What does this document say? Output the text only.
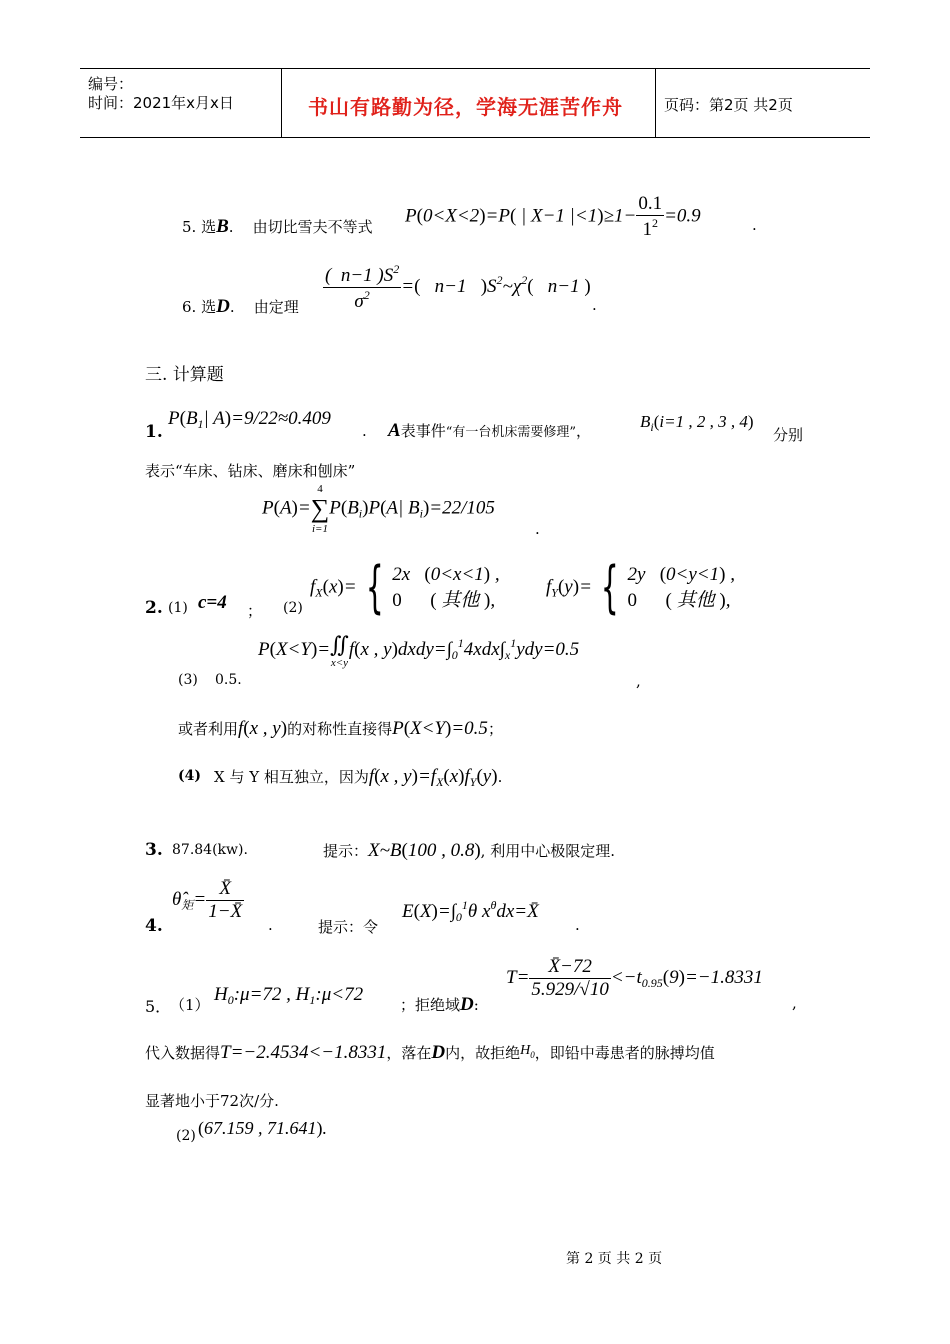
编号：
时间：2021年x月x日	书山有路勤为径，学海无涯苦作舟	页码：第2页 共2页
P(0<X<2)=P( | X−1 $|<1)\ge 1- \frac{0.1}{1^2} =0.9$
5. 选B. 由切比雪夫不等式	.
$\frac{( n-1 )S^2}{\sigma^2}$ =(   n−1   )$S^2\sim\chi^2$(   n−1 )
6. 选D. 由定理	.
三. 计算题
1.
$P(B_1|$ A)=9/22≈0.409
. A表事件“有一台机床需要修理”，	$B_i(i=1$ , 2 , 3 , 4)
分别
表示“车床、钻床、磨床和刨床”
P(A)=
4
∑
i=1
$P(B_i)P(A|$ $B_i)=22/105$
.
2. (1) c=4 ； (2)
$f_X(x)=$ { 2x   (0<x<1) ,
0 ( 其他 ),
$f_Y(y)=$ { 2y   (0<y<1) ,
0 ( 其他 ),
P(X<Y)= ∬
x<y
f(x , $y)dxdy=\int_0^14xdx\int_x^1ydy=0.5$
(3) 0.5.	,
或者利用f(x , y)的对称性直接得P(X<Y)=0.5；
(4) X 与 Y 相互独立，因为f(x , $y)=f_X(x)f_Y(y)$.
3. 87.84(kw).	提示：X~B(100 , 0.8), 利用中心极限定理.
4.
$\thetâ_矩= \frac{X̄}{1-X̄}$
.	提示：令
$E(X)=\int_0^1\theta$ $x^\theta dx=X̄$
.
5．
（1） $H_0:\mu=72$ , $H_1:\mu<72$ ；拒绝域D:
$T= \frac{X̄-72}{5.929/√10} <-t_{0.95}(9)=-1.8331$
,
代入数据得T=−2.4534<−1.8331，落在D内，故拒绝$H_0$，即铅中毒患者的脉搏均值
显著地小于72次/分.
(2) (67.159 , 71.641).
第 2 页 共 2 页
